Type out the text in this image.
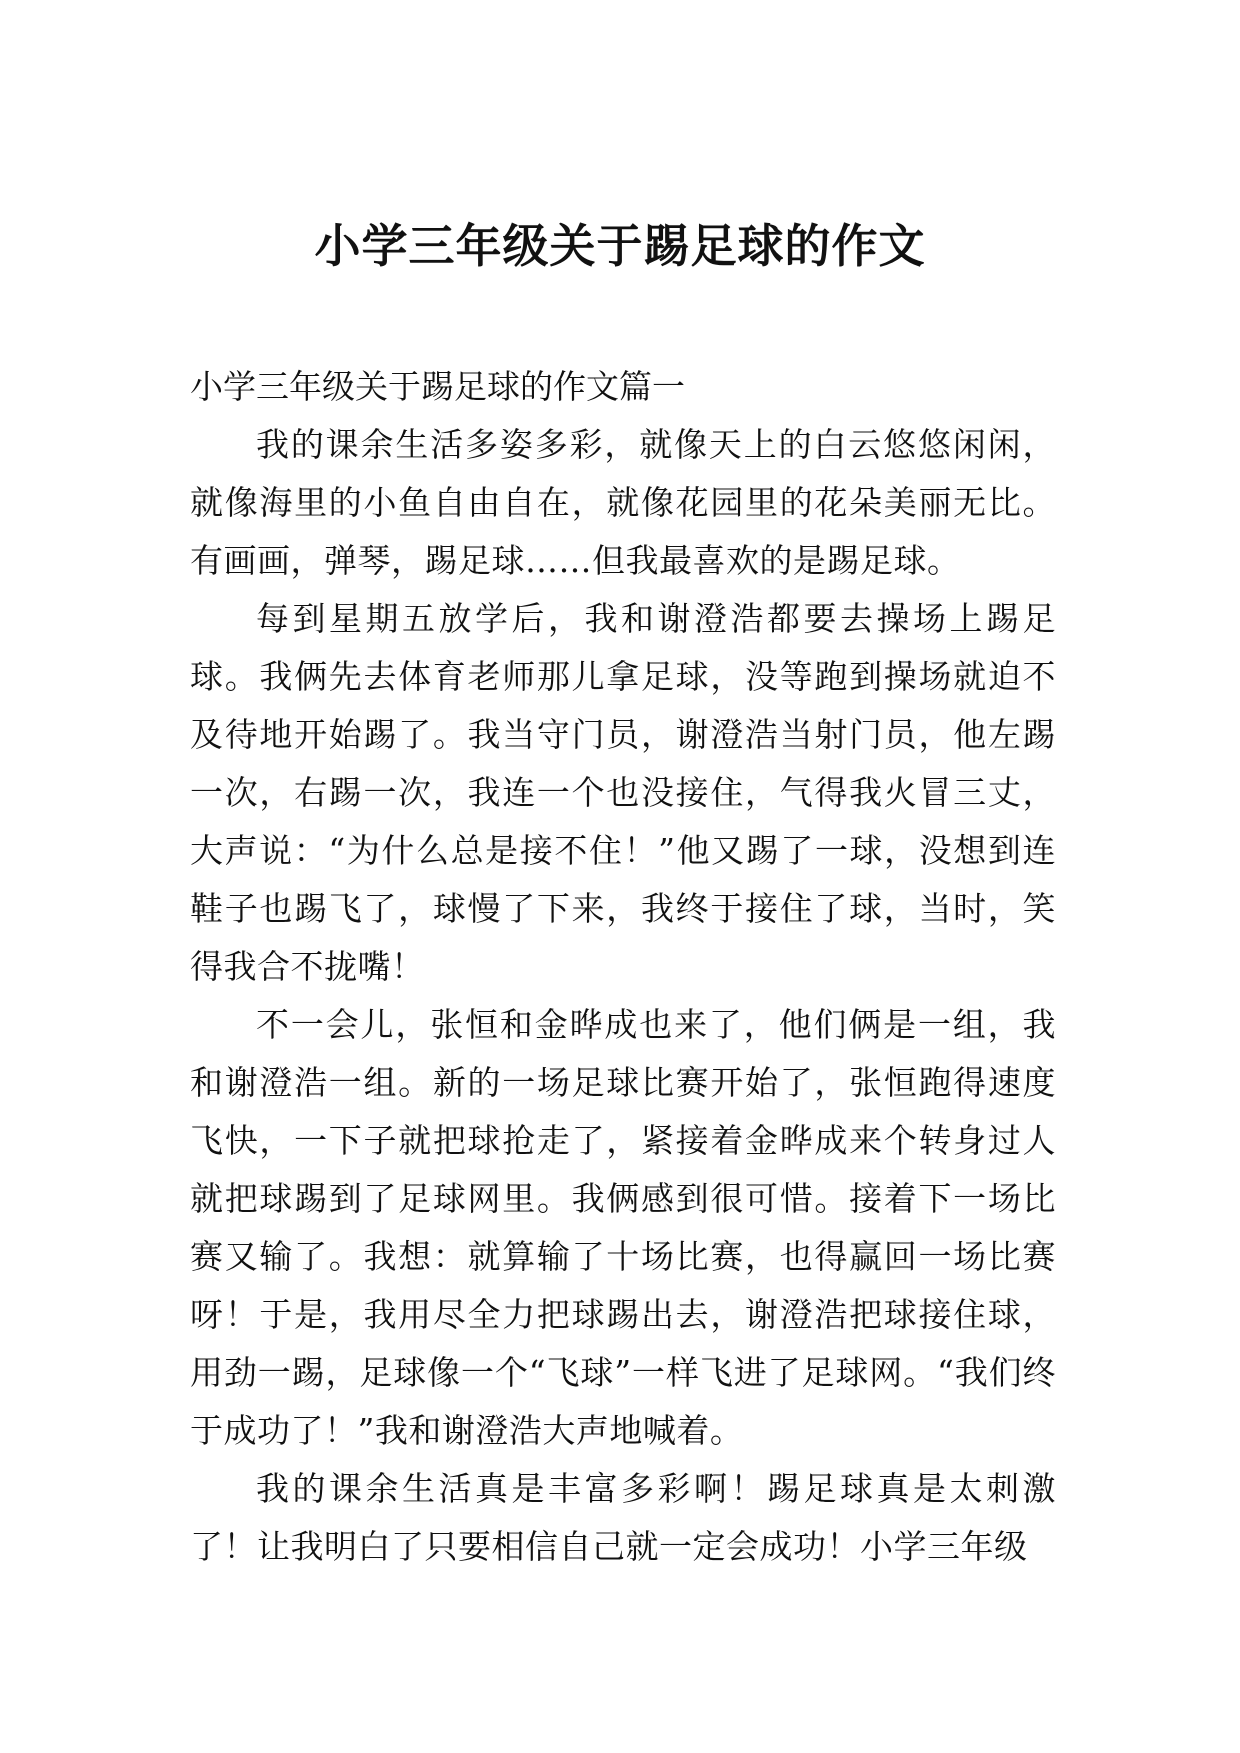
小学三年级关于踢足球的作文

小学三年级关于踢足球的作文篇一

我的课余生活多姿多彩，就像天上的白云悠悠闲闲，就像海里的小鱼自由自在，就像花园里的花朵美丽无比。有画画，弹琴，踢足球……但我最喜欢的是踢足球。

每到星期五放学后，我和谢澄浩都要去操场上踢足球。我俩先去体育老师那儿拿足球，没等跑到操场就迫不及待地开始踢了。我当守门员，谢澄浩当射门员，他左踢一次，右踢一次，我连一个也没接住，气得我火冒三丈，大声说：“为什么总是接不住！”他又踢了一球，没想到连鞋子也踢飞了，球慢了下来，我终于接住了球，当时，笑得我合不拢嘴！

不一会儿，张恒和金晔成也来了，他们俩是一组，我和谢澄浩一组。新的一场足球比赛开始了，张恒跑得速度飞快，一下子就把球抢走了，紧接着金晔成来个转身过人就把球踢到了足球网里。我俩感到很可惜。接着下一场比赛又输了。我想：就算输了十场比赛，也得赢回一场比赛呀！于是，我用尽全力把球踢出去，谢澄浩把球接住球，用劲一踢，足球像一个“飞球”一样飞进了足球网。“我们终于成功了！”我和谢澄浩大声地喊着。

我的课余生活真是丰富多彩啊！踢足球真是太刺激了！让我明白了只要相信自己就一定会成功！小学三年级
